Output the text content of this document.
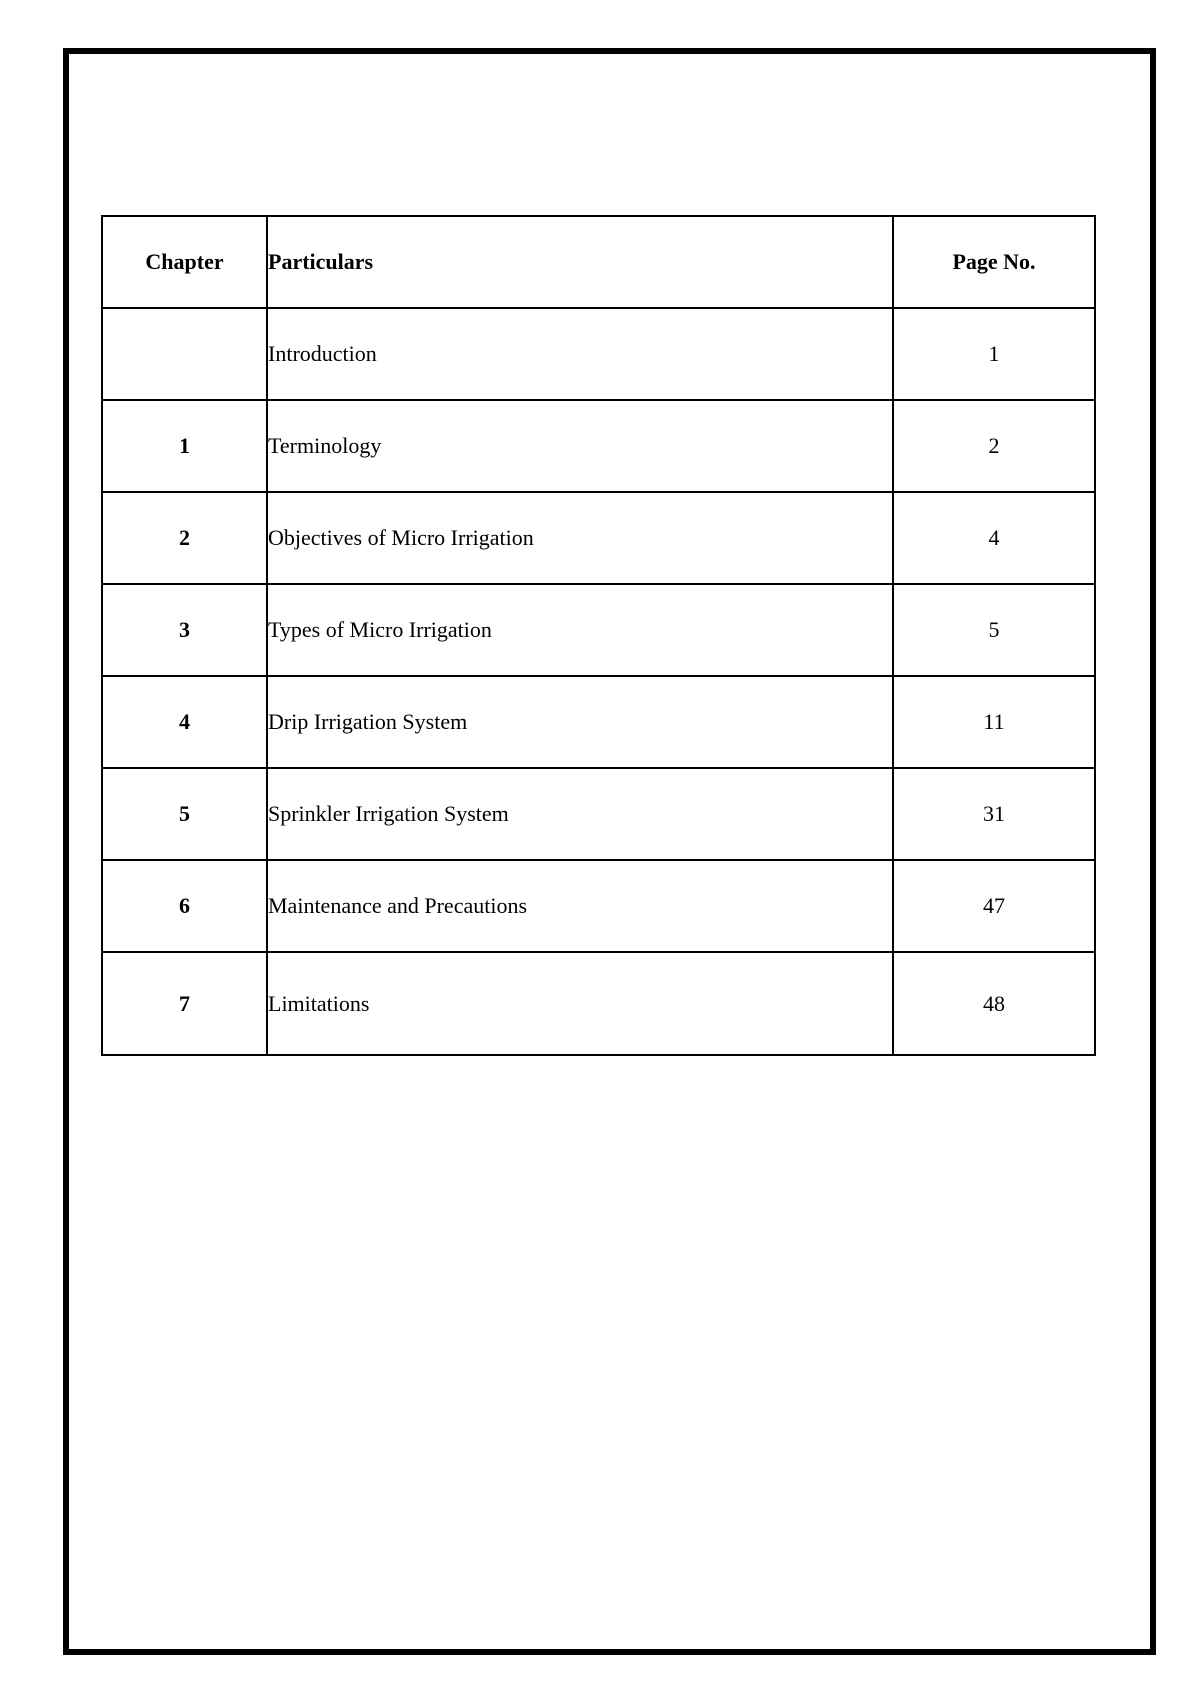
Chapter	Particulars	Page No.
	Introduction	1
1	Terminology	2
2	Objectives of Micro Irrigation	4
3	Types of Micro Irrigation	5
4	Drip Irrigation System	11
5	Sprinkler Irrigation System	31
6	Maintenance and Precautions	47
7	Limitations	48
